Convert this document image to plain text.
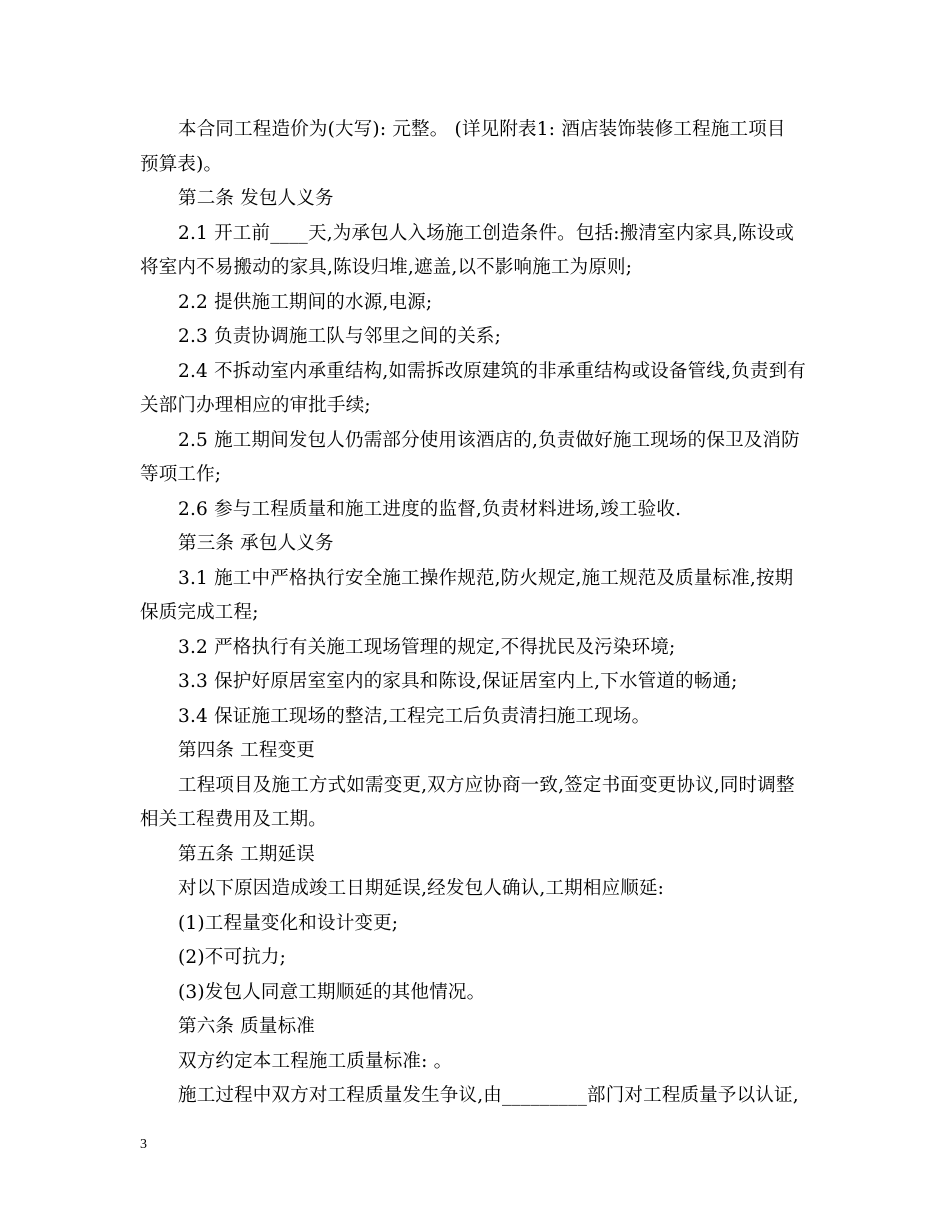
本合同工程造价为(大写): 元整。 (详见附表1: 酒店装饰装修工程施工项目
预算表)。
第二条 发包人义务
2.1 开工前____天,为承包人入场施工创造条件。包括:搬清室内家具,陈设或
将室内不易搬动的家具,陈设归堆,遮盖,以不影响施工为原则;
2.2 提供施工期间的水源,电源;
2.3 负责协调施工队与邻里之间的关系;
2.4 不拆动室内承重结构,如需拆改原建筑的非承重结构或设备管线,负责到有
关部门办理相应的审批手续;
2.5 施工期间发包人仍需部分使用该酒店的,负责做好施工现场的保卫及消防
等项工作;
2.6 参与工程质量和施工进度的监督,负责材料进场,竣工验收.
第三条 承包人义务
3.1 施工中严格执行安全施工操作规范,防火规定,施工规范及质量标准,按期
保质完成工程;
3.2 严格执行有关施工现场管理的规定,不得扰民及污染环境;
3.3 保护好原居室室内的家具和陈设,保证居室内上,下水管道的畅通;
3.4 保证施工现场的整洁,工程完工后负责清扫施工现场。
第四条 工程变更
工程项目及施工方式如需变更,双方应协商一致,签定书面变更协议,同时调整
相关工程费用及工期。
第五条 工期延误
对以下原因造成竣工日期延误,经发包人确认,工期相应顺延:
(1)工程量变化和设计变更;
(2)不可抗力;
(3)发包人同意工期顺延的其他情况。
第六条 质量标准
双方约定本工程施工质量标准: 。
施工过程中双方对工程质量发生争议,由_________部门对工程质量予以认证,
3
